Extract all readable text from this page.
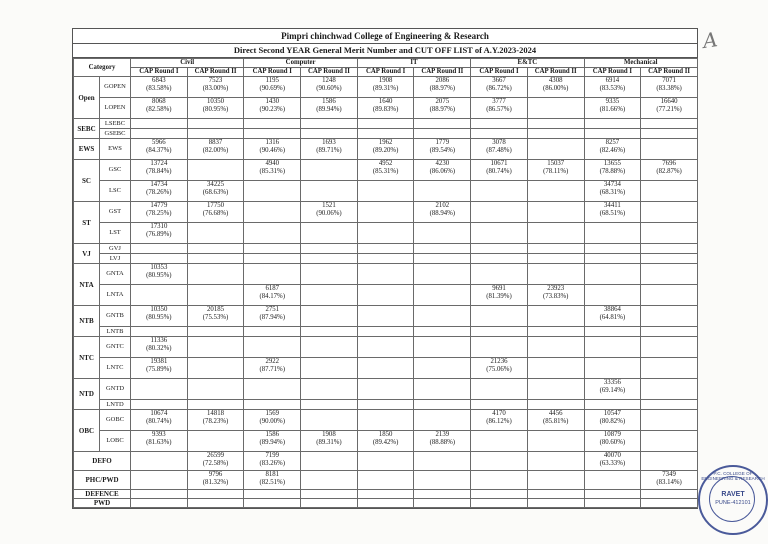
Pimpri chinchwad College of Engineering & Research
Direct Second YEAR General Merit Number and CUT OFF LIST of A.Y.2023-2024
Category		Civil		Computer		IT		E&TC		Mechanical	
		CAP Round I	CAP Round II	CAP Round I	CAP Round II	CAP Round I	CAP Round II	CAP Round I	CAP Round II	CAP Round I	CAP Round II
Open	GOPEN	6843
(83.58%)	7523
(83.00%)	1195
(90.69%)	1248
(90.60%)	1908
(89.31%)	2086
(88.97%)	3667
(86.72%)	4308
(86.00%)	6914
(83.53%)	7071
(83.38%)

	LOPEN	8068
(82.58%)	10350
(80.95%)	1430
(90.23%)	1586
(89.94%)	1640
(89.83%)	2075
(88.97%)	3777
(86.57%)		9335
(81.66%)	16640
(77.21%)

SEBC	LSEBC										
	GSEBC										
EWS	EWS	5966
(84.37%)	8837
(82.00%)	1316
(90.46%)	1693
(89.71%)	1962
(89.20%)	1779
(89.54%)	3078
(87.48%)		8257
(82.46%)	

SC	GSC	13724
(78.84%)		4940
(85.31%)		4952
(85.31%)	4230
(86.06%)	10671
(80.74%)	15037
(78.11%)	13655
(78.88%)	7696
(82.87%)

	LSC	14734
(78.26%)	34225
(68.63%)							34734
(68.31%)	

ST	GST	14779
(78.25%)	17750
(76.68%)		1521
(90.06%)		2102
(88.94%)			34411
(68.51%)	

	LST	17310
(76.89%)									

VJ	GVJ										
	LVJ										
NTA	GNTA	10353
(80.95%)									

	LNTA			6187
(84.17%)				9691
(81.39%)	23923
(73.83%)		

NTB	GNTB	10350
(80.95%)	20185
(75.53%)	2751
(87.94%)						38864
(64.81%)	

	LNTB										
NTC	GNTC	11336
(80.32%)									

	LNTC	19381
(75.89%)		2922
(87.71%)				21236
(75.06%)			

NTD	GNTD									33356
(69.14%)	

	LNTD										
OBC	GOBC	10674
(80.74%)	14818
(78.23%)	1569
(90.00%)				4170
(86.12%)	4456
(85.81%)	10547
(80.82%)	

	LOBC	9393
(81.63%)		1586
(89.94%)	1908
(89.31%)	1850
(89.42%)	2139
(88.88%)			10879
(80.60%)	

DEFO			26599
(72.58%)	7199
(83.26%)						40070
(63.33%)	

PHC/PWD			9796
(81.32%)	8181
(82.51%)							7349
(83.14%)

DEFENCE											
PWD											
A
P.C. COLLEGE OF ENGINEERING & RESEARCH
RAVET
PUNE-412101
